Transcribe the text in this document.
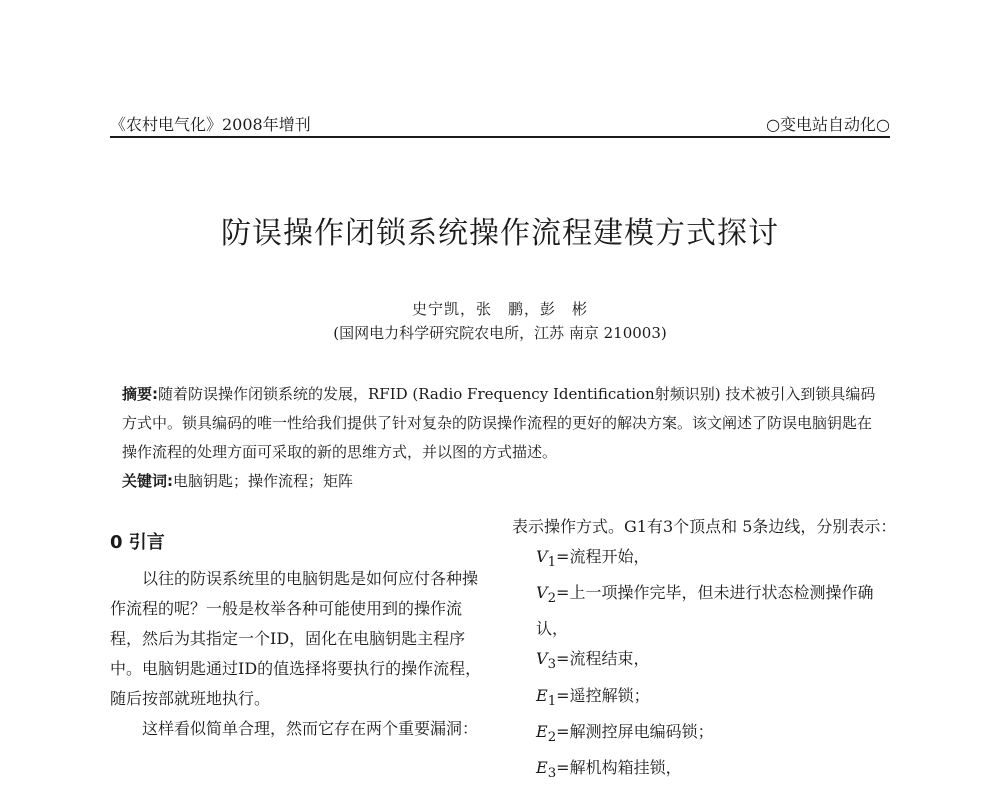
《农村电气化》2008年增刊	○变电站自动化○
防误操作闭锁系统操作流程建模方式探讨
史宁凯，张　鹏，彭　彬
(国网电力科学研究院农电所，江苏 南京 210003)
摘要:随着防误操作闭锁系统的发展，RFID (Radio Frequency Identification射频识别) 技术被引入到锁具编码方式中。锁具编码的唯一性给我们提供了针对复杂的防误操作流程的更好的解决方案。该文阐述了防误电脑钥匙在操作流程的处理方面可采取的新的思维方式，并以图的方式描述。
关键词:电脑钥匙；操作流程；矩阵
0 引言

以往的防误系统里的电脑钥匙是如何应付各种操作流程的呢？一般是枚举各种可能使用到的操作流程，然后为其指定一个ID，固化在电脑钥匙主程序中。电脑钥匙通过ID的值选择将要执行的操作流程，随后按部就班地执行。

这样看似简单合理，然而它存在两个重要漏洞：

表示操作方式。G1有3个顶点和 5条边线，分别表示：

$V_1=$流程开始，

$V_2=$上一项操作完毕，但未进行状态检测操作确认，

$V_3=$流程结束，

$E_1=$遥控解锁；

$E_2=$解测控屏电编码锁；

$E_3=$解机构箱挂锁，
